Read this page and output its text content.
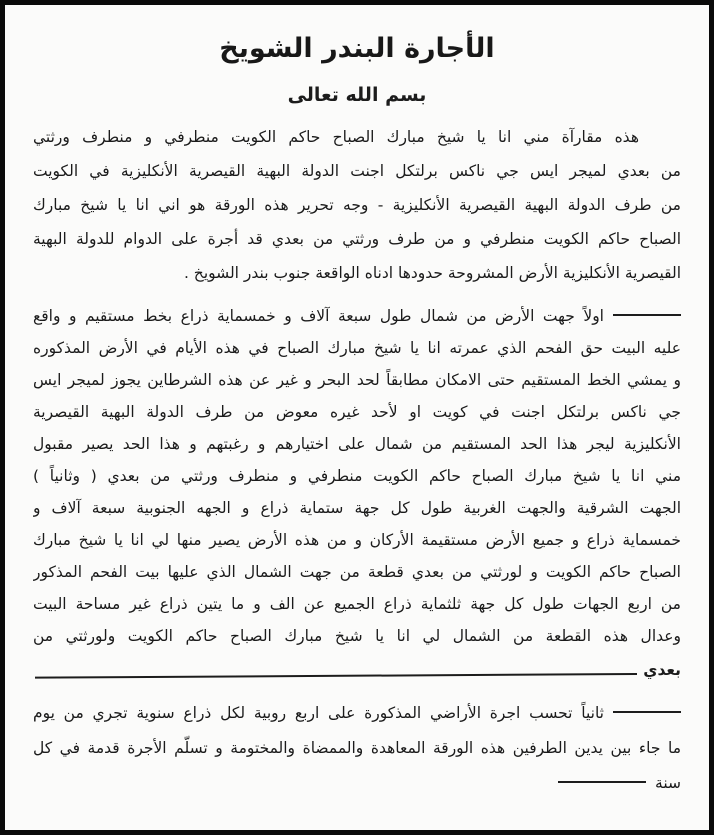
الأجارة البندر الشويخ
بسم الله تعالى
هذه مقارآة مني انا يا شيخ مبارك الصباح حاكم الكويت منطرفي و منطرف ورثتي
من بعدي لميجر ايس جي ناكس برلتكل اجنت الدولة البهية القيصرية الأنكليزية في الكويت
من طرف الدولة البهية القيصرية الأنكليزية - وجه تحرير هذه الورقة هو اني انا يا شيخ مبارك
الصباح حاكم الكويت منطرفي و من طرف ورثتي من بعدي قد أجرة على الدوام للدولة البهية
القيصرية الأنكليزية الأرض المشروحة حدودها ادناه الواقعة جنوب بندر الشويخ .
اولاً جهت الأرض من شمال طول سبعة آلاف و خمسماية ذراع بخط مستقيم و واقع
عليه البيت حق الفحم الذي عمرته انا يا شيخ مبارك الصباح في هذه الأيام في الأرض المذكوره
و يمشي الخط المستقيم حتى الامكان مطابقاً لحد البحر و غير عن هذه الشرطاين يجوز لميجر ايس
جي ناكس برلتكل اجنت في كويت او لأحد غيره معوض من طرف الدولة البهية القيصرية
الأنكليزية ليجر هذا الحد المستقيم من شمال على اختيارهم و رغبتهم و هذا الحد يصير مقبول
مني انا يا شيخ مبارك الصباح حاكم الكويت منطرفي و منطرف ورثتي من بعدي ( وثانياً )
الجهت الشرقية والجهت الغربية طول كل جهة ستماية ذراع و الجهه الجنوبية سبعة آلاف و
خمسماية ذراع و جميع الأرض مستقيمة الأركان و من هذه الأرض يصير منها لي انا يا شيخ مبارك
الصباح حاكم الكويت و لورثتي من بعدي قطعة من جهت الشمال الذي عليها بيت الفحم المذكور
من اربع الجهات طول كل جهة ثلثماية ذراع الجميع عن الف و ما يتين ذراع غير مساحة البيت
وعدال هذه القطعة من الشمال لي انا يا شيخ مبارك الصباح حاكم الكويت ولورثتي من
بعدي
ثانياً تحسب اجرة الأراضي المذكورة على اربع روبية لكل ذراع سنوية تجري من يوم
ما جاء بين يدين الطرفين هذه الورقة المعاهدة والممضاة والمختومة و تسلّم الأجرة قدمة في كل
سنة
